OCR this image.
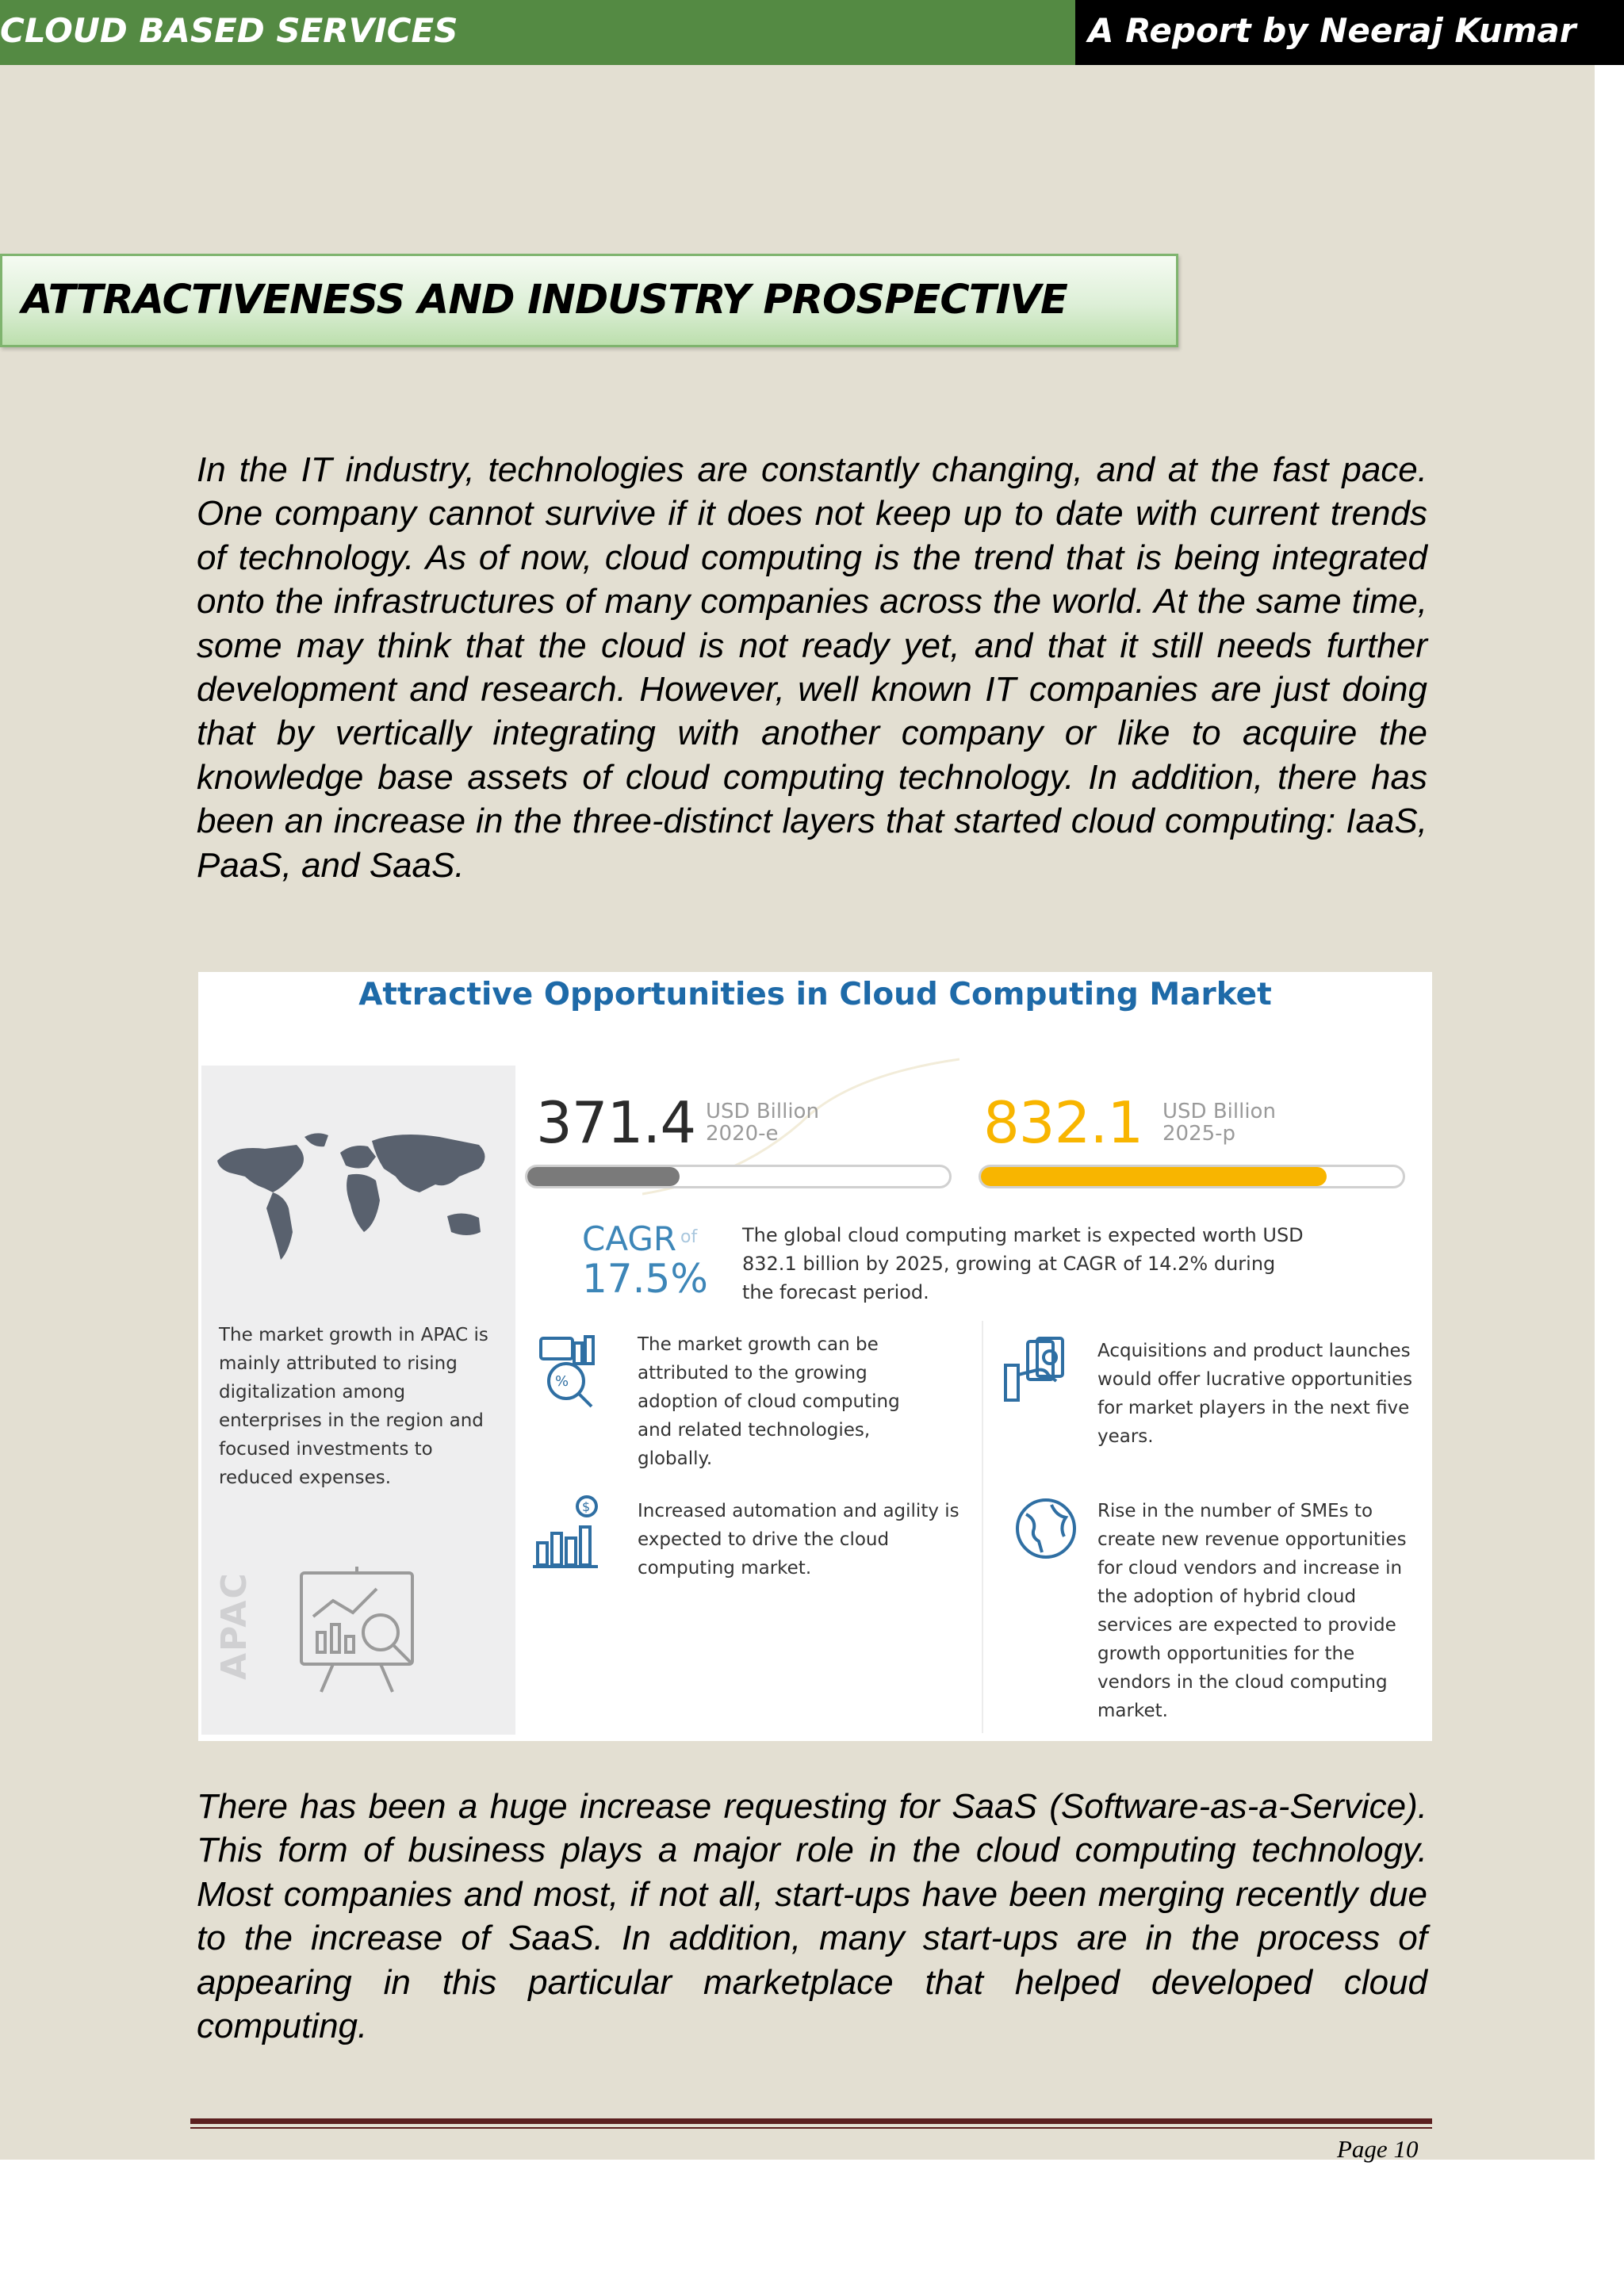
CLOUD BASED SERVICES	A Report by Neeraj Kumar
ATTRACTIVENESS AND INDUSTRY PROSPECTIVE

In the IT industry, technologies are constantly changing, and at the fast pace. One company cannot survive if it does not keep up to date with current trends of technology. As of now, cloud computing is the trend that is being integrated onto the infrastructures of many companies across the world. At the same time, some may think that the cloud is not ready yet, and that it still needs further development and research. However, well known IT companies are just doing that by vertically integrating with another company or like to acquire the knowledge base assets of cloud computing technology. In addition, there has been an increase in the three-distinct layers that started cloud computing: IaaS, PaaS, and SaaS.

Attractive Opportunities in Cloud Computing Market
The market growth in APAC is mainly attributed to rising digitalization among enterprises in the region and focused investments to reduced expenses.
APAC
371.4 USD Billion
2020-e	832.1 USD Billion
2025-p
CAGR of
17.5%
The global cloud computing market is expected worth USD 832.1 billion by 2025, growing at CAGR of 14.2% during the forecast period.
%
The market growth can be attributed to the growing adoption of cloud computing and related technologies, globally.
Acquisitions and product launches would offer lucrative opportunities for market players in the next five years.
$	Increased automation and agility is expected to drive the cloud computing market.
Rise in the number of SMEs to create new revenue opportunities for cloud vendors and increase in the adoption of hybrid cloud services are expected to provide growth opportunities for the vendors in the cloud computing market.

There has been a huge increase requesting for SaaS (Software-as-a-Service). This form of business plays a major role in the cloud computing technology. Most companies and most, if not all, start-ups have been merging recently due to the increase of SaaS. In addition, many start-ups are in the process of appearing in this particular marketplace that helped developed cloud computing.

Page 10
